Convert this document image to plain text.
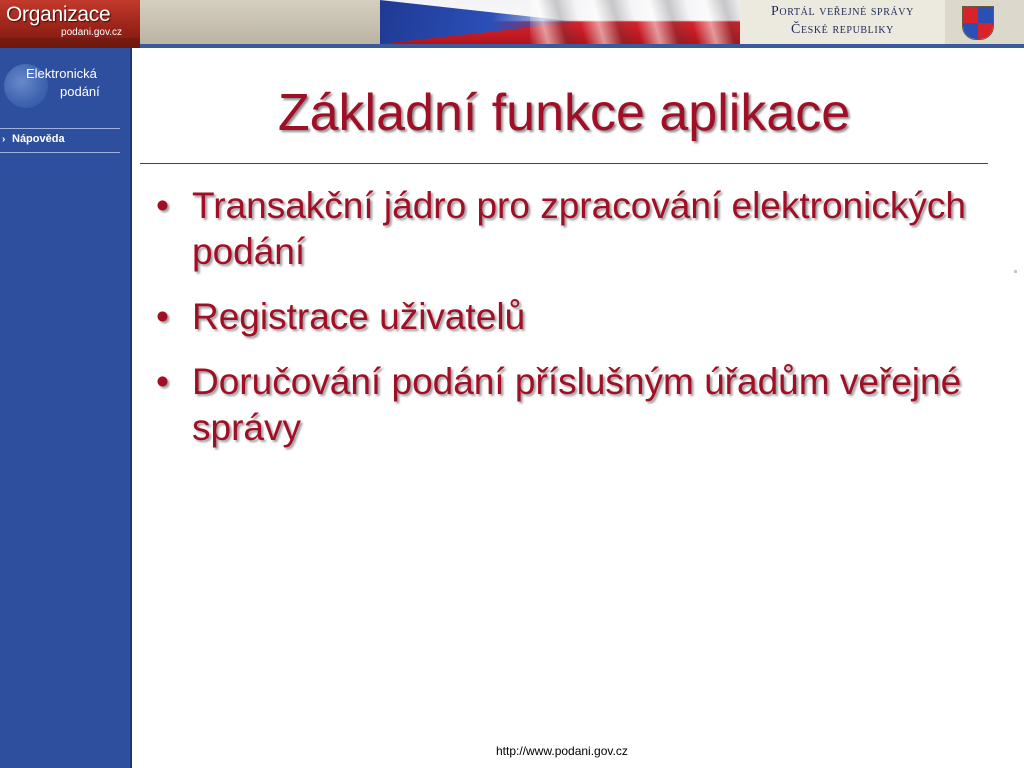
Organizace
podani.gov.cz
Portál veřejné správy
České republiky
Elektronická
podání
› Nápověda	Základní funkce aplikace
• Transakční jádro pro zpracování elektronických podání
• Registrace uživatelů
• Doručování podání příslušným úřadům veřejné správy
http://www.podani.gov.cz
